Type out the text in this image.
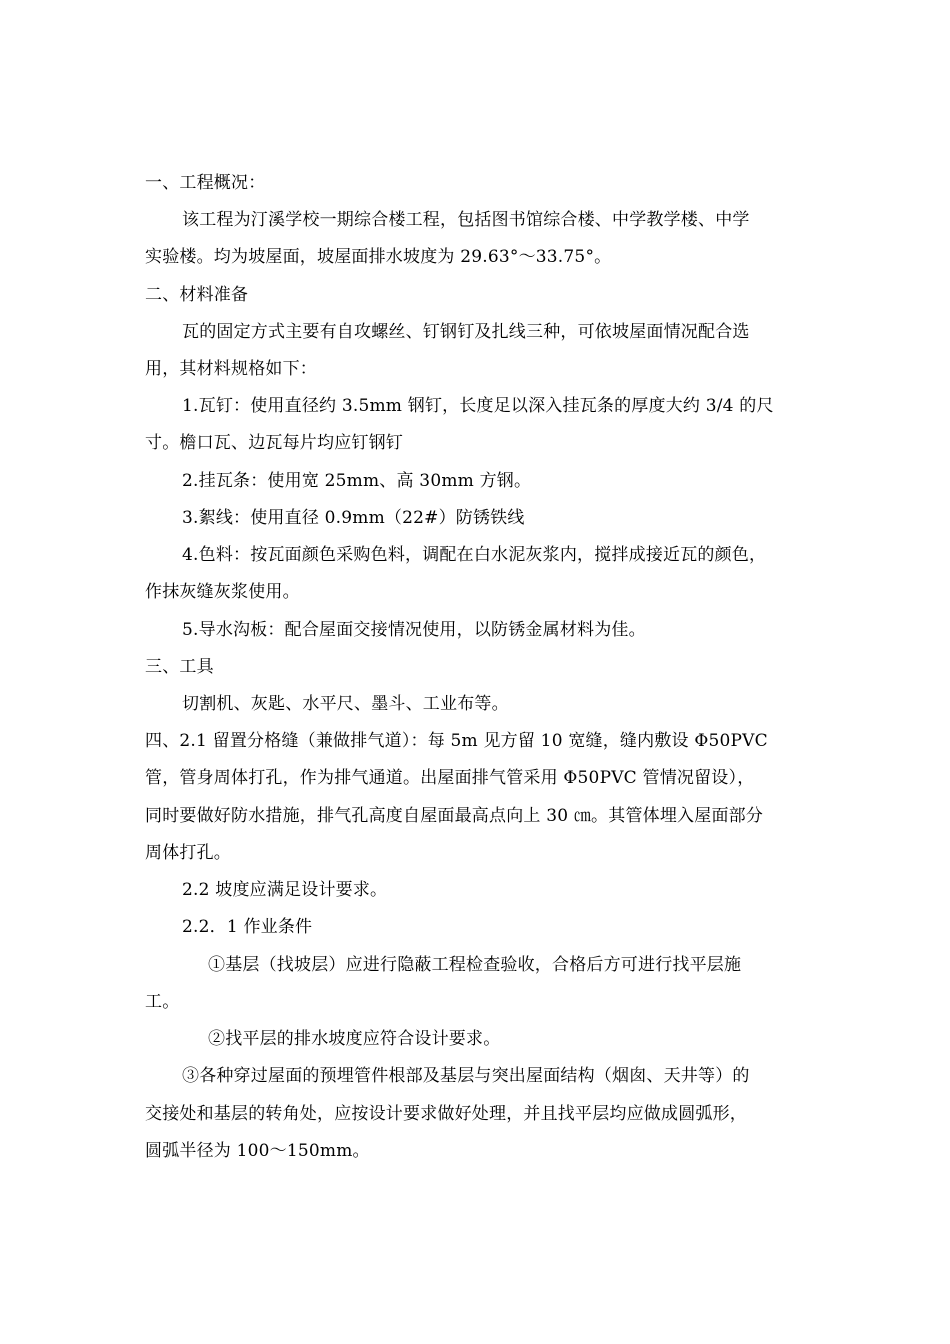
一、工程概况：
该工程为汀溪学校一期综合楼工程，包括图书馆综合楼、中学教学楼、中学
实验楼。均为坡屋面，坡屋面排水坡度为 29.63°～33.75°。
二、材料准备
瓦的固定方式主要有自攻螺丝、钉钢钉及扎线三种，可依坡屋面情况配合选
用，其材料规格如下：
1.瓦钉：使用直径约 3.5mm 钢钉，长度足以深入挂瓦条的厚度大约 3/4 的尺
寸。檐口瓦、边瓦每片均应钉钢钉
2.挂瓦条：使用宽 25mm、高 30mm 方钢。
3.絮线：使用直径 0.9mm（22#）防锈铁线
4.色料：按瓦面颜色采购色料，调配在白水泥灰浆内，搅拌成接近瓦的颜色，
作抹灰缝灰浆使用。
5.导水沟板：配合屋面交接情况使用，以防锈金属材料为佳。
三、工具
切割机、灰匙、水平尺、墨斗、工业布等。
四、2.1 留置分格缝（兼做排气道）：每 5m 见方留 10 宽缝，缝内敷设 Φ50PVC
管，管身周体打孔，作为排气通道。出屋面排气管采用 Φ50PVC 管情况留设），
同时要做好防水措施，排气孔高度自屋面最高点向上 30 ㎝。其管体埋入屋面部分
周体打孔。
2.2 坡度应满足设计要求。
2.2．1 作业条件
①基层（找坡层）应进行隐蔽工程检查验收，合格后方可进行找平层施
工。
②找平层的排水坡度应符合设计要求。
③各种穿过屋面的预埋管件根部及基层与突出屋面结构（烟囱、天井等）的
交接处和基层的转角处，应按设计要求做好处理，并且找平层均应做成圆弧形，
圆弧半径为 100～150mm。
